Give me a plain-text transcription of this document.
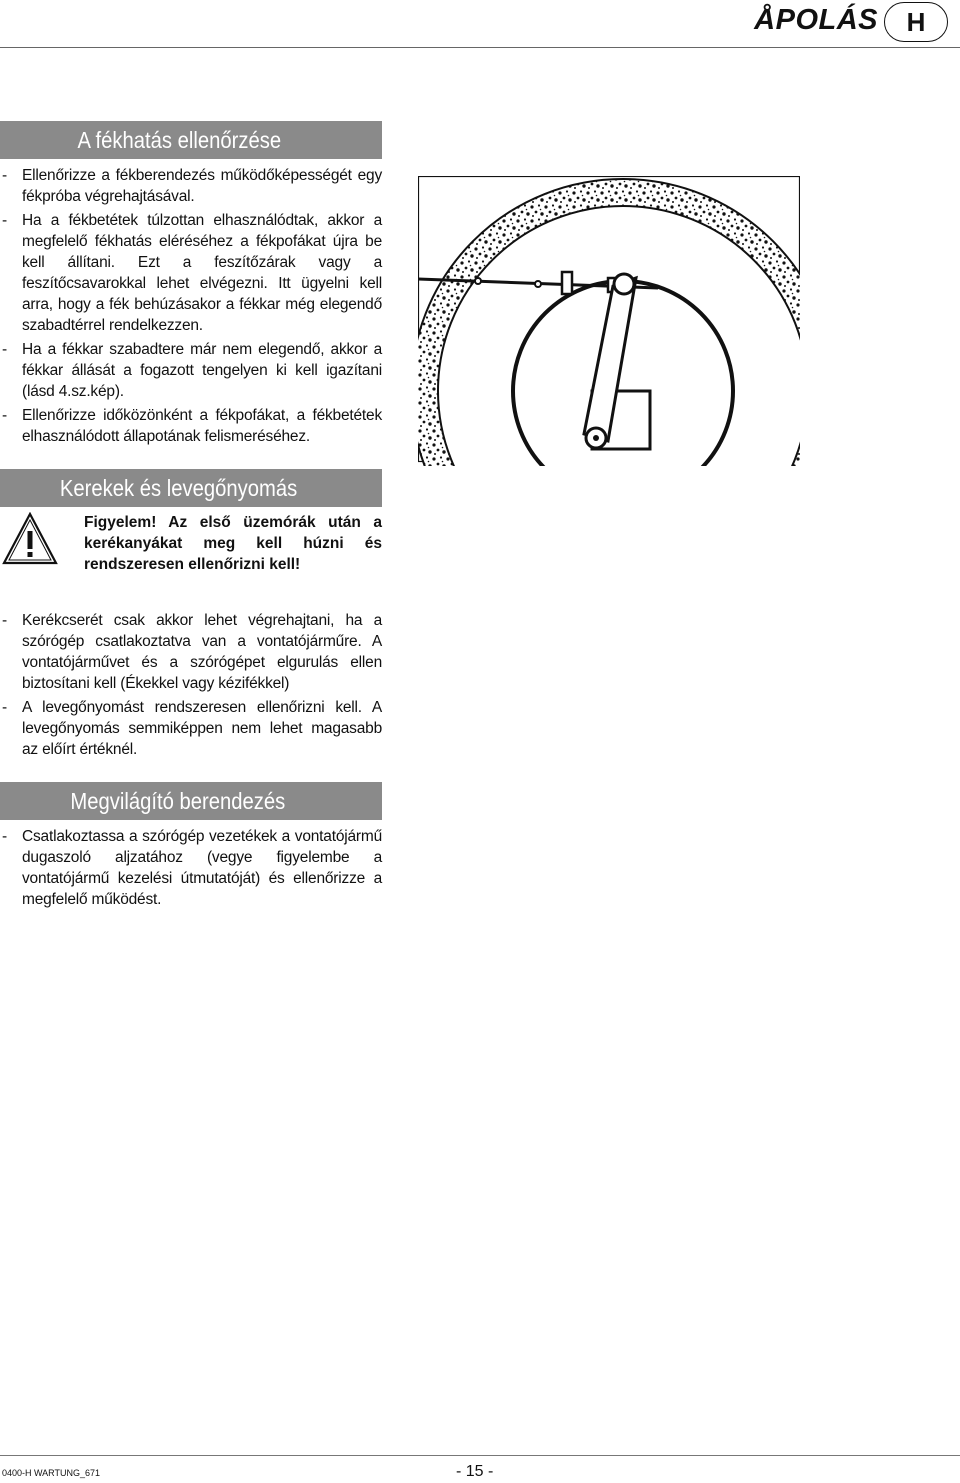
ÅPOLÁS	H
A fékhatás ellenőrzése
- Ellenőrizze a fékberendezés működőképességét egy fékpróba végrehajtásával.
- Ha a fékbetétek túlzottan elhasználódtak, akkor a megfelelő fékhatás eléréséhez a fékpofákat újra be kell állítani. Ezt a feszítőzárak vagy a feszítőcsavarokkal lehet elvégezni. Itt ügyelni kell arra, hogy a fék behúzásakor a fékkar még elegendő szabadtérrel rendelkezzen.
- Ha a fékkar szabadtere már nem elegendő, akkor a fékkar állását a fogazott tengelyen ki kell igazítani (lásd 4.sz.kép).
- Ellenőrizze időközönként a fékpofákat, a fékbetétek elhasználódott állapotának felismeréséhez.
Kerekek és levegőnyomás
Figyelem! Az első üzemórák után a kerékanyákat meg kell húzni és rendszeresen ellenőrizni kell!
- Kerékcserét csak akkor lehet végrehajtani, ha a szórógép csatlakoztatva van a vontatójárműre. A vontatójárművet és a szórógépet elgurulás ellen biztosítani kell (Ékekkel vagy kézifékkel)
- A levegőnyomást rendszeresen ellenőrizni kell. A levegőnyomás semmiképpen nem lehet magasabb az előírt értéknél.
Megvilágító berendezés
- Csatlakoztassa a szórógép vezetékek a vontatójármű dugaszoló aljzatához (vegye figyelembe a vontatójármű kezelési útmutatóját) és ellenőrizze a megfelelő működést.
0400-H WARTUNG_671	- 15 -
